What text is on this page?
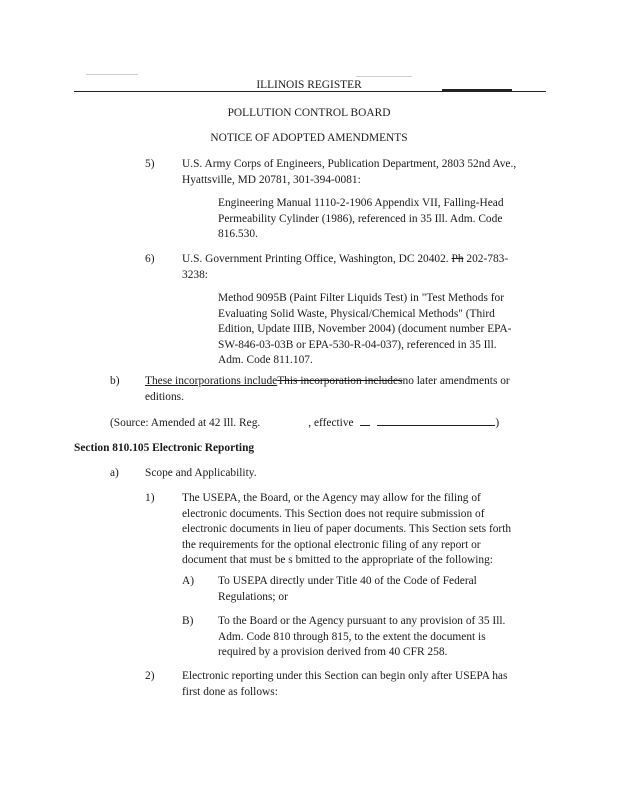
ILLINOIS REGISTER
POLLUTION CONTROL BOARD
NOTICE OF ADOPTED AMENDMENTS
5) U.S. Army Corps of Engineers, Publication Department, 2803 52nd Ave.,
Hyattsville, MD 20781, 301-394-0081:
Engineering Manual 1110-2-1906 Appendix VII, Falling-Head
Permeability Cylinder (1986), referenced in 35 Ill. Adm. Code
816.530.
6) U.S. Government Printing Office, Washington, DC 20402. Ph 202-783-
3238:
Method 9095B (Paint Filter Liquids Test) in "Test Methods for
Evaluating Solid Waste, Physical/Chemical Methods" (Third
Edition, Update IIIB, November 2004) (document number EPA-
SW-846-03-03B or EPA-530-R-04-037), referenced in 35 Ill.
Adm. Code 811.107.
b) These incorporations includeThis incorporation includesno later amendments or
editions.
(Source: Amended at 42 Ill. Reg.	, effective	)
Section 810.105 Electronic Reporting
a) Scope and Applicability.
1) The USEPA, the Board, or the Agency may allow for the filing of
electronic documents. This Section does not require submission of
electronic documents in lieu of paper documents. This Section sets forth
the requirements for the optional electronic filing of any report or
document that must be s bmitted to the appropriate of the following:
A) To USEPA directly under Title 40 of the Code of Federal
Regulations; or
B) To the Board or the Agency pursuant to any provision of 35 Ill.
Adm. Code 810 through 815, to the extent the document is
required by a provision derived from 40 CFR 258.
2) Electronic reporting under this Section can begin only after USEPA has
first done as follows:
